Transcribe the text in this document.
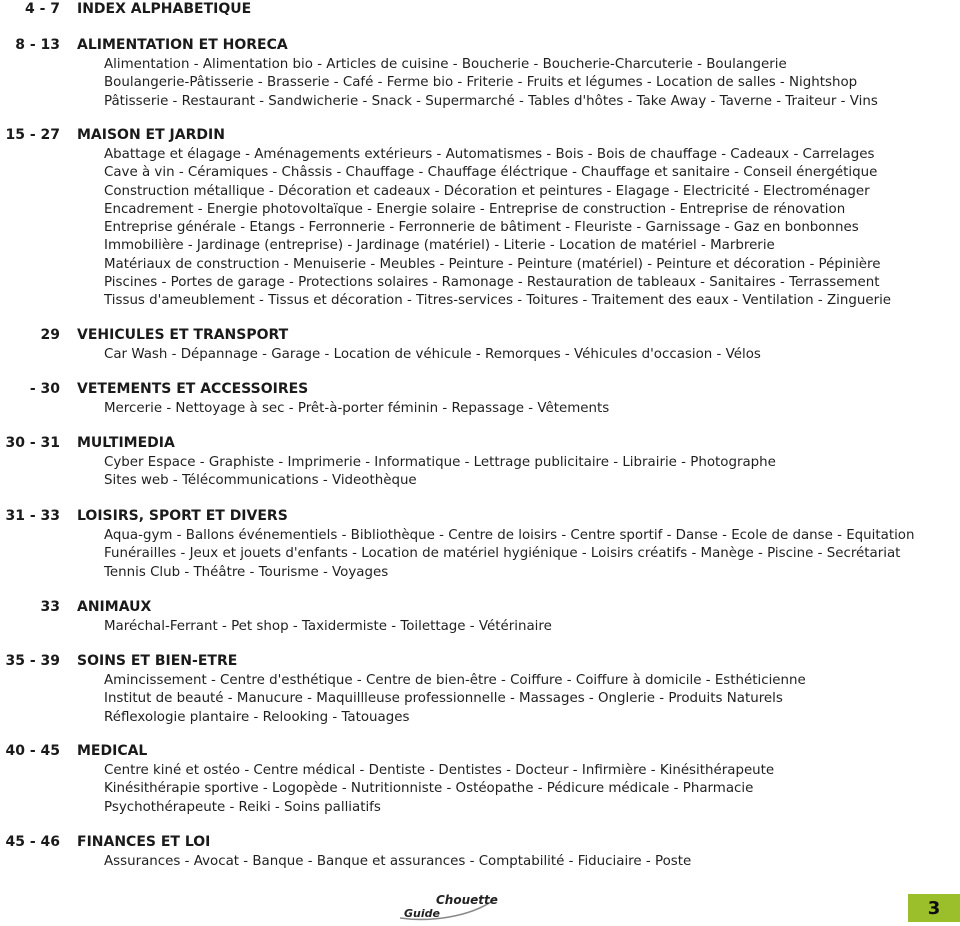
4 - 7 INDEX ALPHABETIQUE
8 - 13 ALIMENTATION ET HORECA
Alimentation - Alimentation bio - Articles de cuisine - Boucherie - Boucherie-Charcuterie - Boulangerie
Boulangerie-Pâtisserie - Brasserie - Café - Ferme bio - Friterie - Fruits et légumes - Location de salles - Nightshop
Pâtisserie - Restaurant - Sandwicherie - Snack - Supermarché - Tables d'hôtes - Take Away - Taverne - Traiteur - Vins
15 - 27 MAISON ET JARDIN
Abattage et élagage - Aménagements extérieurs - Automatismes - Bois - Bois de chauffage - Cadeaux - Carrelages
Cave à vin - Céramiques - Châssis - Chauffage - Chauffage éléctrique - Chauffage et sanitaire - Conseil énergétique
Construction métallique - Décoration et cadeaux - Décoration et peintures - Elagage - Electricité - Electroménager
Encadrement - Energie photovoltaïque - Energie solaire - Entreprise de construction - Entreprise de rénovation
Entreprise générale - Etangs - Ferronnerie - Ferronnerie de bâtiment - Fleuriste - Garnissage - Gaz en bonbonnes
Immobilière - Jardinage (entreprise) - Jardinage (matériel) - Literie - Location de matériel - Marbrerie
Matériaux de construction - Menuiserie - Meubles - Peinture - Peinture (matériel) - Peinture et décoration - Pépinière
Piscines - Portes de garage - Protections solaires - Ramonage - Restauration de tableaux - Sanitaires - Terrassement
Tissus d'ameublement - Tissus et décoration - Titres-services - Toitures - Traitement des eaux - Ventilation - Zinguerie
29 VEHICULES ET TRANSPORT
Car Wash - Dépannage - Garage - Location de véhicule - Remorques - Véhicules d'occasion - Vélos
- 30 VETEMENTS ET ACCESSOIRES
Mercerie - Nettoyage à sec - Prêt-à-porter féminin - Repassage - Vêtements
30 - 31 MULTIMEDIA
Cyber Espace - Graphiste - Imprimerie - Informatique - Lettrage publicitaire - Librairie - Photographe
Sites web - Télécommunications - Videothèque
31 - 33 LOISIRS, SPORT ET DIVERS
Aqua-gym - Ballons événementiels - Bibliothèque - Centre de loisirs - Centre sportif - Danse - Ecole de danse - Equitation
Funérailles - Jeux et jouets d'enfants - Location de matériel hygiénique - Loisirs créatifs - Manège - Piscine - Secrétariat
Tennis Club - Théâtre - Tourisme - Voyages
33 ANIMAUX
Maréchal-Ferrant - Pet shop - Taxidermiste - Toilettage - Vétérinaire
35 - 39 SOINS ET BIEN-ETRE
Amincissement - Centre d'esthétique - Centre de bien-être - Coiffure - Coiffure à domicile - Esthéticienne
Institut de beauté - Manucure - Maquillleuse professionnelle - Massages - Onglerie - Produits Naturels
Réflexologie plantaire - Relooking - Tatouages
40 - 45 MEDICAL
Centre kiné et ostéo - Centre médical - Dentiste - Dentistes - Docteur - Infirmière - Kinésithérapeute
Kinésithérapie sportive - Logopède - Nutritionniste - Ostéopathe - Pédicure médicale - Pharmacie
Psychothérapeute - Reiki - Soins palliatifs
45 - 46 FINANCES ET LOI
Assurances - Avocat - Banque - Banque et assurances - Comptabilité - Fiduciaire - Poste
Chouette
Guide	3
